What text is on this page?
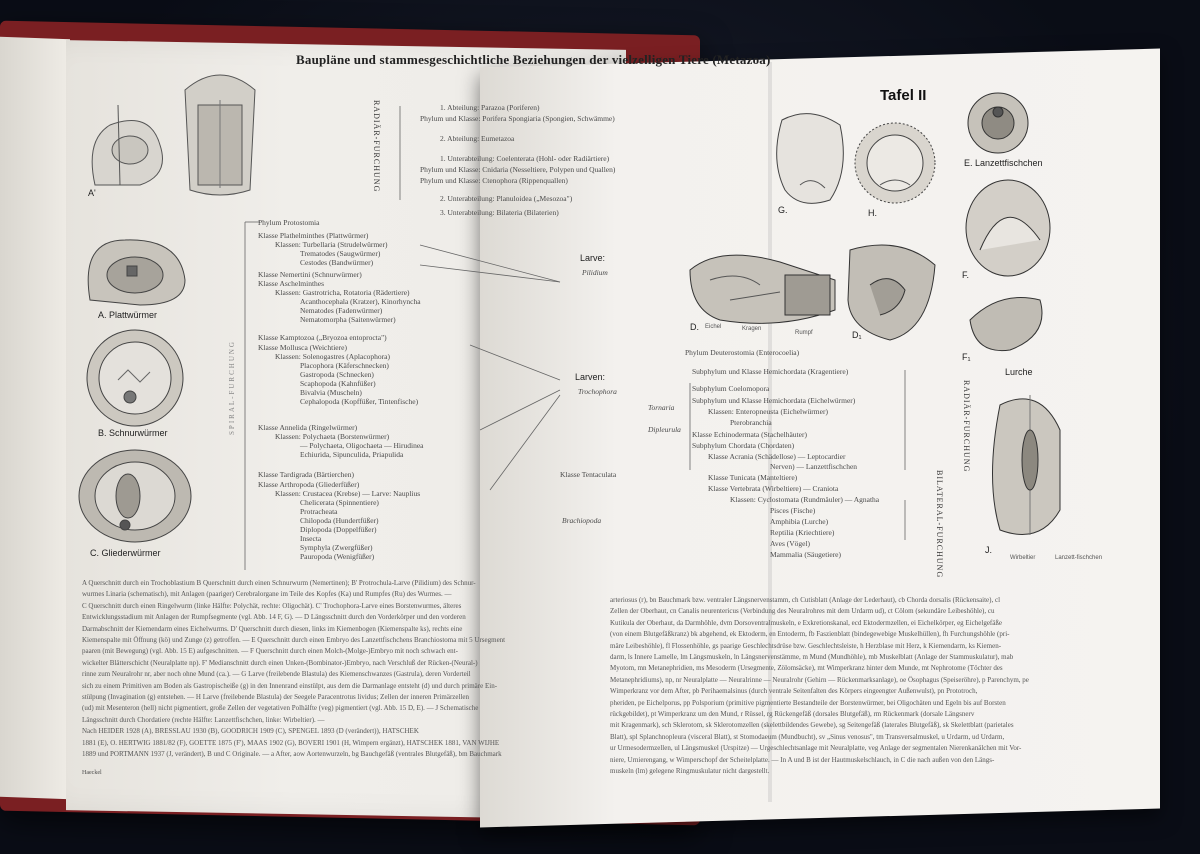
Baupläne und stammesgeschichtliche Beziehungen der vielzelligen Tiere (Metazoa)
Tafel II
RADIÄR-FURCHUNG
SPIRAL-FURCHUNG	RADIÄR-FURCHUNG
BILATERAL-FURCHUNG
1. Abteilung: Parazoa (Poriferen)
Phylum und Klasse: Porifera Spongiaria (Spongien, Schwämme)
2. Abteilung: Eumetazoa
1. Unterabteilung: Coelenterata (Hohl- oder Radiärtiere)
Phylum und Klasse: Cnidaria (Nesseltiere, Polypen und Quallen)
Phylum und Klasse: Ctenophora (Rippenquallen)
2. Unterabteilung: Planuloidea („Mesozoa")
3. Unterabteilung: Bilateria (Bilaterien)
Phylum Protostomia
Klasse Plathelminthes (Plattwürmer)
Klassen: Turbellaria (Strudelwürmer)
Trematodes (Saugwürmer)
Cestodes (Bandwürmer)
Klasse Nemertini (Schnurwürmer)
Klasse Aschelminthes
Klassen: Gastrotricha, Rotatoria (Rädertiere)
Acanthocephala (Kratzer), Kinorhyncha
Nematodes (Fadenwürmer)
Nematomorpha (Saitenwürmer)
Klasse Kamptozoa („Bryozoa entoprocta")
Klasse Mollusca (Weichtiere)
Klassen: Solenogastres (Aplacophora)
Placophora (Käferschnecken)
Gastropoda (Schnecken)
Scaphopoda (Kahnfüßer)
Bivalvia (Muscheln)
Cephalopoda (Kopffüßer, Tintenfische)
Klasse Annelida (Ringelwürmer)
Klassen: Polychaeta (Borstenwürmer)
— Polychaeta, Oligochaeta — Hirudinea
Echiurida, Sipunculida, Priapulida
Klasse Tardigrada (Bärtierchen)
Klasse Arthropoda (Gliederfüßer)
Klassen: Crustacea (Krebse) — Larve: Nauplius
Chelicerata (Spinnentiere)
Protracheata
Chilopoda (Hundertfüßer)
Diplopoda (Doppelfüßer)
Insecta
Symphyla (Zwergfüßer)
Pauropoda (Wenigfüßer)
Larve:
Pilidium
Larven:
Trochophora
Tornaria
Dipleurula
Klasse Tentaculata
Brachiopoda
Phylum Deuterostomia (Enterocoelia)
Subphylum und Klasse Hemichordata (Kragentiere)
Subphylum Coelomopora
Subphylum und Klasse Hemichordata (Eichelwürmer)
Klassen: Enteropneusta (Eichelwürmer)
Pterobranchia
Klasse Echinodermata (Stachelhäuter)
Subphylum Chordata (Chordaten)
Klasse Acrania (Schädellose) — Leptocardier
Nerven) — Lanzettfischchen
Klasse Tunicata (Manteltiere)
Klasse Vertebrata (Wirbeltiere) — Craniota
Klassen: Cyclostomata (Rundmäuler) — Agnatha
Pisces (Fische)
Amphibia (Lurche)
Reptilia (Kriechtiere)
Aves (Vögel)
Mammalia (Säugetiere)
A. Plattwürmer
B. Schnurwürmer
C. Gliederwürmer
A'
D. Eichel	Kragen
Rumpf	D₁
G.	H.
E. Lanzettfischchen
F.
F₁
Lurche
J.
Wirbeltier	Lanzett-fischchen
A Querschnitt durch ein Trochoblastium B Querschnitt durch einen Schnurwurm (Nemertinen); B' Protrochula-Larve (Pilidium) des Schnur-
wurmes Linaria (schematisch), mit Anlagen (paariger) Cerebralorgane im Teile des Kopfes (Ka) und Rumpfes (Ru) des Wurmes. —
C Querschnitt durch einen Ringelwurm (linke Hälfte: Polychät, rechte: Oligochät). C' Trochophora-Larve eines Borstenwurmes, älteres
Entwicklungsstadium mit Anlagen der Rumpfsegmente (vgl. Abb. 14 F, G). — D Längsschnitt durch den Vorderkörper und den vorderen
Darmabschnitt der Kiemendarm eines Eichelwurms. D' Querschnitt durch diesen, links im Kiemenbogen (Kiemenspalte ks), rechts eine
Kiemenspalte mit Öffnung (kö) und Zunge (z) getroffen. — E Querschnitt durch einen Embryo des Lanzettfischchens Branchiostoma mit 5 Ursegment
paaren (mit Bewegung) (vgl. Abb. 15 E) aufgeschnitten. — F Querschnitt durch einen Molch-(Molge-)Embryo mit noch schwach ent-
wickelter Blätterschicht (Neuralplatte np). F' Medianschnitt durch einen Unken-(Bombinator-)Embryo, nach Verschluß der Rücken-(Neural-)
rinne zum Neuralrohr nr, aber noch ohne Mund (ca.). — G Larve (freilebende Blastula) des Kiemenschwanzes (Gastrula), deren Vorderteil
sich zu einem Primitiven am Boden als Gastropischeiße (g) in den Innenrand einstülpt, aus dem die Darmanlage entsteht (d) und durch primäre Ein-
stülpung (Invagination (g) entstehen. — H Larve (freilebende Blastula) der Seegele Paracentrotus lividus; Zellen der inneren Primärzellen
(ud) mit Mesenteron (hell) nicht pigmentiert, große Zellen der vegetativen Polhälfte (veg) pigmentiert (vgl. Abb. 15 D, E). — J Schematische
Längsschnitt durch Chordatiere (rechte Hälfte: Lanzettfischchen, linke: Wirbeltier). —
Nach HEIDER 1928 (A), BRESSLAU 1930 (B), GOODRICH 1909 (C), SPENGEL 1893 (D (verändert)), HATSCHEK
1881 (E), O. HERTWIG 1881/82 (F), GOETTE 1875 (F'), MAAS 1902 (G), BOVERI 1901 (H, Wimpern ergänzt), HATSCHEK 1881, VAN WIJHE
1889 und PORTMANN 1937 (J, verändert), B und C Originale. — a After, aow Aortenwurzeln, bg Bauchgefäß (ventrales Blutgefäß), bm Bauchmark
arteriosus (r), bn Bauchmark bzw. ventraler Längsnervenstamm, ch Cutisblatt (Anlage der Lederhaut), cb Chorda dorsalis (Rückensaite), cl
Zellen der Oberhaut, cn Canalis neurentericus (Verbindung des Neuralrohres mit dem Urdarm ud), ct Cölom (sekundäre Leibeshöhle), cu
Kutikula der Oberhaut, da Darmhöhle, dvm Dorsoventralmuskeln, e Exkretionskanal, ecd Ektodermzellen, ei Eichelkörper, eg Eichelgefäße
(von einem Blutgefäßkranz) bk abgehend, ek Ektoderm, en Entoderm, fb Faszienblatt (bindegewebige Muskelhüllen), fh Furchungshöhle (pri-
märe Leibeshöhle), fl Flossenhöhle, gs paarige Geschlechtsdrüse bzw. Geschlechtsleiste, h Herzblase mit Herz, k Kiemendarm, ks Kiemen-
darm, ls Innere Lamelle, lm Längsmuskeln, ln Längsnervenstämme, m Mund (Mundhöhle), mb Muskelblatt (Anlage der Stammuskulatur), mab
Myotom, mn Metanephridien, ms Mesoderm (Ursegmente, Zölomsäcke), mt Wimperkranz hinter dem Munde, mt Nephrotome (Töchter des
Metanephridiums), np, nr Neuralplatte — Neuralrinne — Neuralrohr (Gehirn — Rückenmarksanlage), oe Ösophagus (Speiseröhre), p Parenchym, pe
Wimperkranz vor dem After, pb Perihaemalsinus (durch ventrale Seitenfalten des Körpers eingeengter Außenwulst), pn Prototroch,
pheriden, pe Eichelporus, pp Polsporium (primitive pigmentierte Bestandteile der Borstenwürmer, bei Oligochäten und Egeln bis auf Borsten
rückgebildet), pt Wimperkranz um den Mund, r Rüssel, rg Rückengefäß (dorsales Blutgefäß), rm Rückenmark (dorsale Längsnerv
mit Kragenmark), sch Sklerotom, sk Sklerotomzellen (skelettbildendes Gewebe), sg Seitengefäß (laterales Blutgefäß), sk Skelettblatt (parietales
Blatt), spl Splanchnopleura (visceral Blatt), st Stomodaeum (Mundbucht), sv „Sinus venosus", tm Transversalmuskel, u Urdarm, ud Urdarm,
ur Urmesodermzellen, ul Längsmuskel (Urspitze) — Urgeschlechtsanlage mit Neuralplatte, veg Anlage der segmentalen Nierenkanälchen mit Vor-
niere, Urnierengang, w Wimperschopf der Scheitelplatte. — In A und B ist der Hautmuskelschlauch, in C die nach außen von den Längs-
muskeln (lm) gelegene Ringmuskulatur nicht dargestellt.
Haeckel
